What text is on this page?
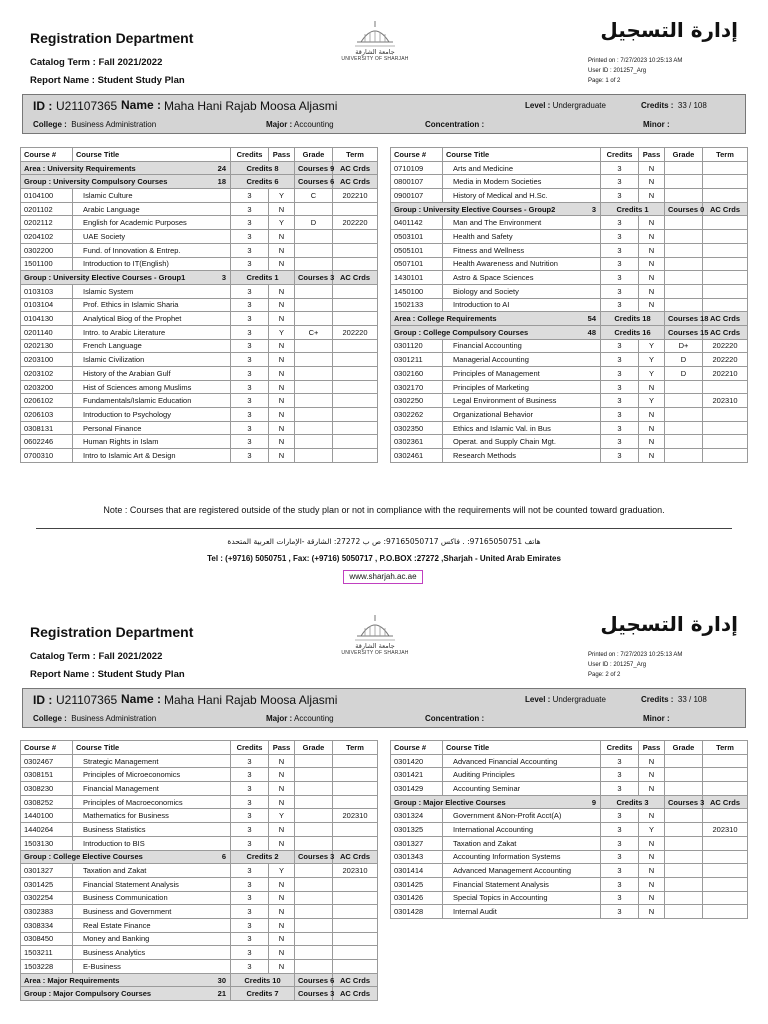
Registration Department
Catalog Term : Fall 2021/2022
Report Name : Student Study Plan
إدارة التسجيل
جامعة الشارقة
UNIVERSITY OF SHARJAH	Printed on : 7/27/2023 10:25:13 AM
User ID : 201257_Arg
Page: 1 of 2
ID : U21107365 Name : Maha Hani Rajab Moosa Aljasmi	Level : Undergraduate	Credits : 33 / 108
College : Business Administration	Major : Accounting	Concentration :	Minor :
Course #	Course Title	Credits	Pass	Grade	Term
Area : University Requirements 24		Credits 8		Courses 9	AC Crds
Group : University Compulsory Courses 18		Credits 6		Courses 6	AC Crds
0104100	Islamic Culture	3	Y	C	202210
0201102	Arabic Language	3	N		
0202112	English for Academic Purposes	3	Y	D	202220
0204102	UAE Society	3	N		
0302200	Fund. of Innovation & Entrep.	3	N		
1501100	Introduction to IT(English)	3	N		
Group : University Elective Courses - Group1 3		Credits 1		Courses 3	AC Crds
0103103	Islamic System	3	N		
0103104	Prof. Ethics in Islamic Sharia	3	N		
0104130	Analytical Biog of the Prophet	3	N		
0201140	Intro. to Arabic Literature	3	Y	C+	202220
0202130	French Language	3	N		
0203100	Islamic Civilization	3	N		
0203102	History of the Arabian Gulf	3	N		
0203200	Hist of Sciences among Muslims	3	N		
0206102	Fundamentals/Islamic Education	3	N		
0206103	Introduction to Psychology	3	N		
0308131	Personal Finance	3	N		
0602246	Human Rights in Islam	3	N		
0700310	Intro to Islamic Art & Design	3	N		
Course #	Course Title	Credits	Pass	Grade	Term
0710109	Arts and Medicine	3	N		
0800107	Media in Modern Societies	3	N		
0900107	History of Medical and H.Sc.	3	N		
Group : University Elective Courses - Group2 3		Credits 1		Courses 0	AC Crds
0401142	Man and The Environment	3	N		
0503101	Health and Safety	3	N		
0505101	Fitness and Wellness	3	N		
0507101	Health Awareness and Nutrition	3	N		
1430101	Astro & Space Sciences	3	N		
1450100	Biology and Society	3	N		
1502133	Introduction to AI	3	N		
Area : College Requirements 54		Credits 18		Courses 18	AC Crds
Group : College Compulsory Courses 48		Credits 16		Courses 15	AC Crds
0301120	Financial Accounting	3	Y	D+	202220
0301211	Managerial Accounting	3	Y	D	202220
0302160	Principles of Management	3	Y	D	202210
0302170	Principles of Marketing	3	N		
0302250	Legal Environment of Business	3	Y		202310
0302262	Organizational Behavior	3	N		
0302350	Ethics and Islamic Val. in Bus	3	N		
0302361	Operat. and Supply Chain Mgt.	3	N		
0302461	Research Methods	3	N		
Note : Courses that are registered outside of the study plan or not in compliance with the requirements will not be counted toward graduation.
هاتف 97165050751: . فاكس 97165050717: ص ب 27272: الشارقة -الإمارات العربية المتحدة
Tel : (+9716) 5050751 , Fax: (+9716) 5050717 , P.O.BOX :27272 ,Sharjah - United Arab Emirates
www.sharjah.ac.ae
Registration Department
Catalog Term : Fall 2021/2022
Report Name : Student Study Plan
إدارة التسجيل
جامعة الشارقة
UNIVERSITY OF SHARJAH	Printed on : 7/27/2023 10:25:13 AM
User ID : 201257_Arg
Page: 2 of 2
ID : U21107365 Name : Maha Hani Rajab Moosa Aljasmi	Level : Undergraduate	Credits : 33 / 108
College : Business Administration	Major : Accounting	Concentration :	Minor :
Course #	Course Title	Credits	Pass	Grade	Term
0302467	Strategic Management	3	N		
0308151	Principles of Microeconomics	3	N		
0308230	Financial Management	3	N		
0308252	Principles of Macroeconomics	3	N		
1440100	Mathematics for Business	3	Y		202310
1440264	Business Statistics	3	N		
1503130	Introduction to BIS	3	N		
Group : College Elective Courses 6		Credits 2		Courses 3	AC Crds
0301327	Taxation and Zakat	3	Y		202310
0301425	Financial Statement Analysis	3	N		
0302254	Business Communication	3	N		
0302383	Business and Government	3	N		
0308334	Real Estate Finance	3	N		
0308450	Money and Banking	3	N		
1503211	Business Analytics	3	N		
1503228	E-Business	3	N		
Area : Major Requirements 30		Credits 10		Courses 6	AC Crds
Group : Major Compulsory Courses 21		Credits 7		Courses 3	AC Crds
Course #	Course Title	Credits	Pass	Grade	Term
0301420	Advanced Financial Accounting	3	N		
0301421	Auditing Principles	3	N		
0301429	Accounting Seminar	3	N		
Group : Major Elective Courses 9		Credits 3		Courses 3	AC Crds
0301324	Government &Non-Profit Acct(A)	3	N		
0301325	International Accounting	3	Y		202310
0301327	Taxation and Zakat	3	N		
0301343	Accounting Information Systems	3	N		
0301414	Advanced Management Accounting	3	N		
0301425	Financial Statement Analysis	3	N		
0301426	Special Topics in Accounting	3	N		
0301428	Internal Audit	3	N		
